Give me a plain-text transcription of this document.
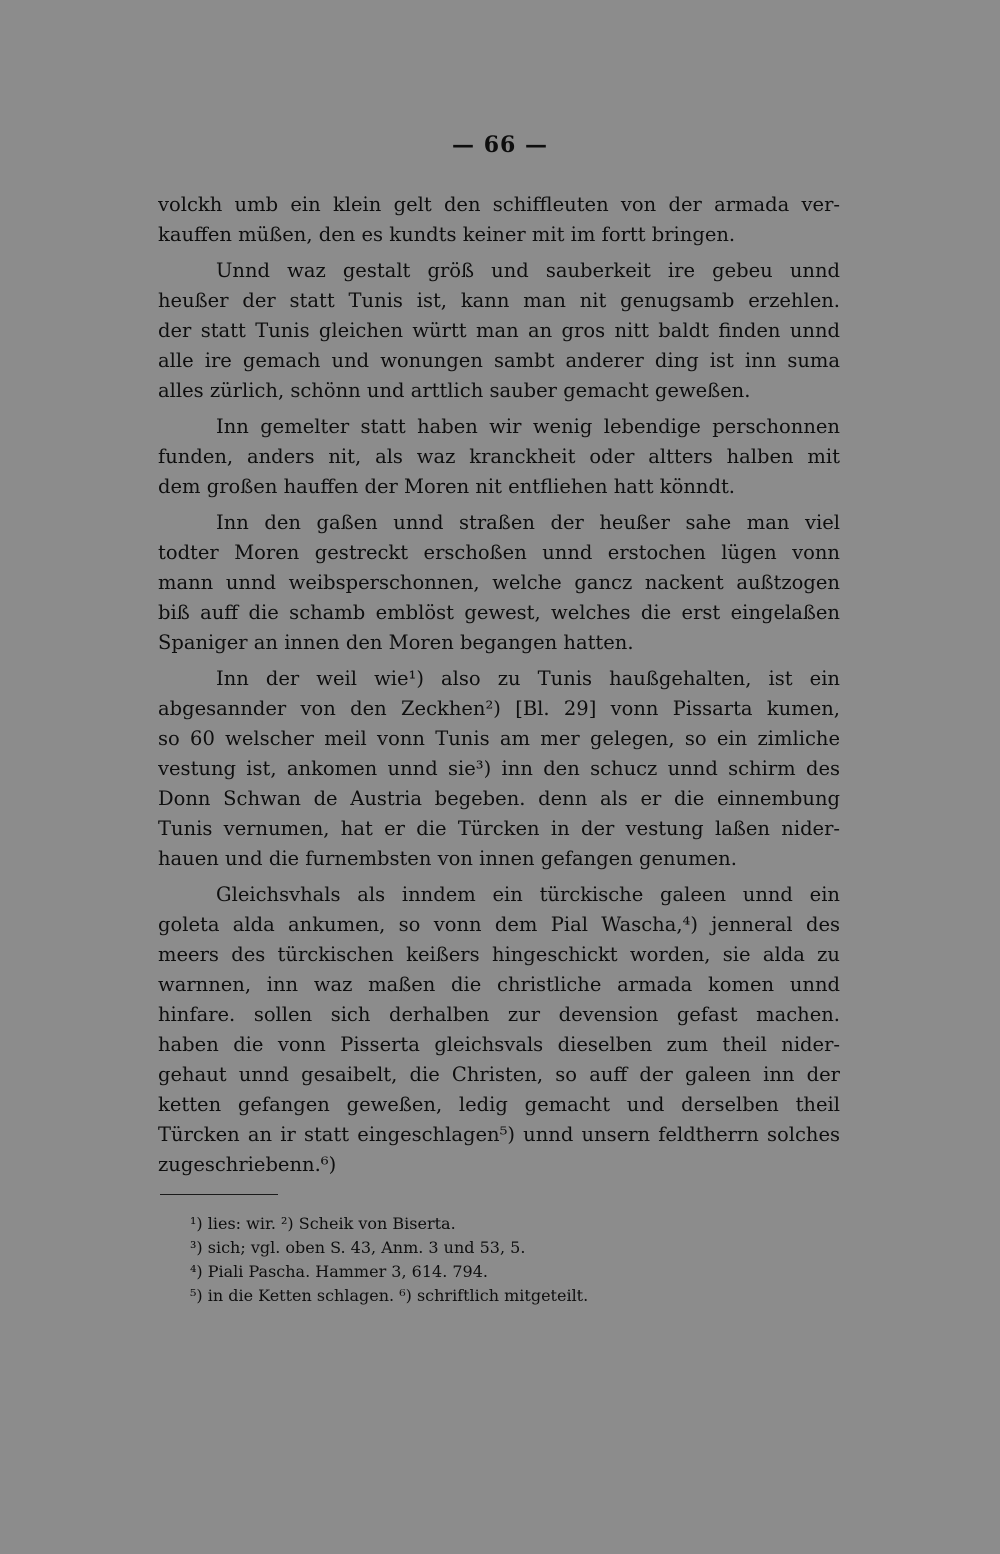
— 66 —
volckh umb ein klein gelt den schiffleuten von der armada ver-
kauffen müßen, den es kundts keiner mit im fortt bringen.
Unnd waz gestalt größ und sauberkeit ire gebeu unnd
heußer der statt Tunis ist, kann man nit genugsamb erzehlen.
der statt Tunis gleichen württ man an gros nitt baldt finden unnd
alle ire gemach und wonungen sambt anderer ding ist inn suma
alles zürlich, schönn und arttlich sauber gemacht geweßen.
Inn gemelter statt haben wir wenig lebendige perschonnen
funden, anders nit, als waz kranckheit oder altters halben mit
dem großen hauffen der Moren nit entfliehen hatt könndt.
Inn den gaßen unnd straßen der heußer sahe man viel
todter Moren gestreckt erschoßen unnd erstochen lügen vonn
mann unnd weibsperschonnen, welche gancz nackent außtzogen
biß auff die schamb emblöst gewest, welches die erst eingelaßen
Spaniger an innen den Moren begangen hatten.
Inn der weil wie¹) also zu Tunis haußgehalten, ist ein
abgesannder von den Zeckhen²) [Bl. 29] vonn Pissarta kumen,
so 60 welscher meil vonn Tunis am mer gelegen, so ein zimliche
vestung ist, ankomen unnd sie³) inn den schucz unnd schirm des
Donn Schwan de Austria begeben. denn als er die einnembung
Tunis vernumen, hat er die Türcken in der vestung laßen nider-
hauen und die furnembsten von innen gefangen genumen.
Gleichsvhals als inndem ein türckische galeen unnd ein
goleta alda ankumen, so vonn dem Pial Wascha,⁴) jenneral des
meers des türckischen keißers hingeschickt worden, sie alda zu
warnnen, inn waz maßen die christliche armada komen unnd
hinfare. sollen sich derhalben zur devension gefast machen.
haben die vonn Pisserta gleichsvals dieselben zum theil nider-
gehaut unnd gesaibelt, die Christen, so auff der galeen inn der
ketten gefangen geweßen, ledig gemacht und derselben theil
Türcken an ir statt eingeschlagen⁵) unnd unsern feldtherrn solches
zugeschriebenn.⁶)
¹) lies: wir. ²) Scheik von Biserta.
³) sich; vgl. oben S. 43, Anm. 3 und 53, 5.
⁴) Piali Pascha. Hammer 3, 614. 794.
⁵) in die Ketten schlagen. ⁶) schriftlich mitgeteilt.
